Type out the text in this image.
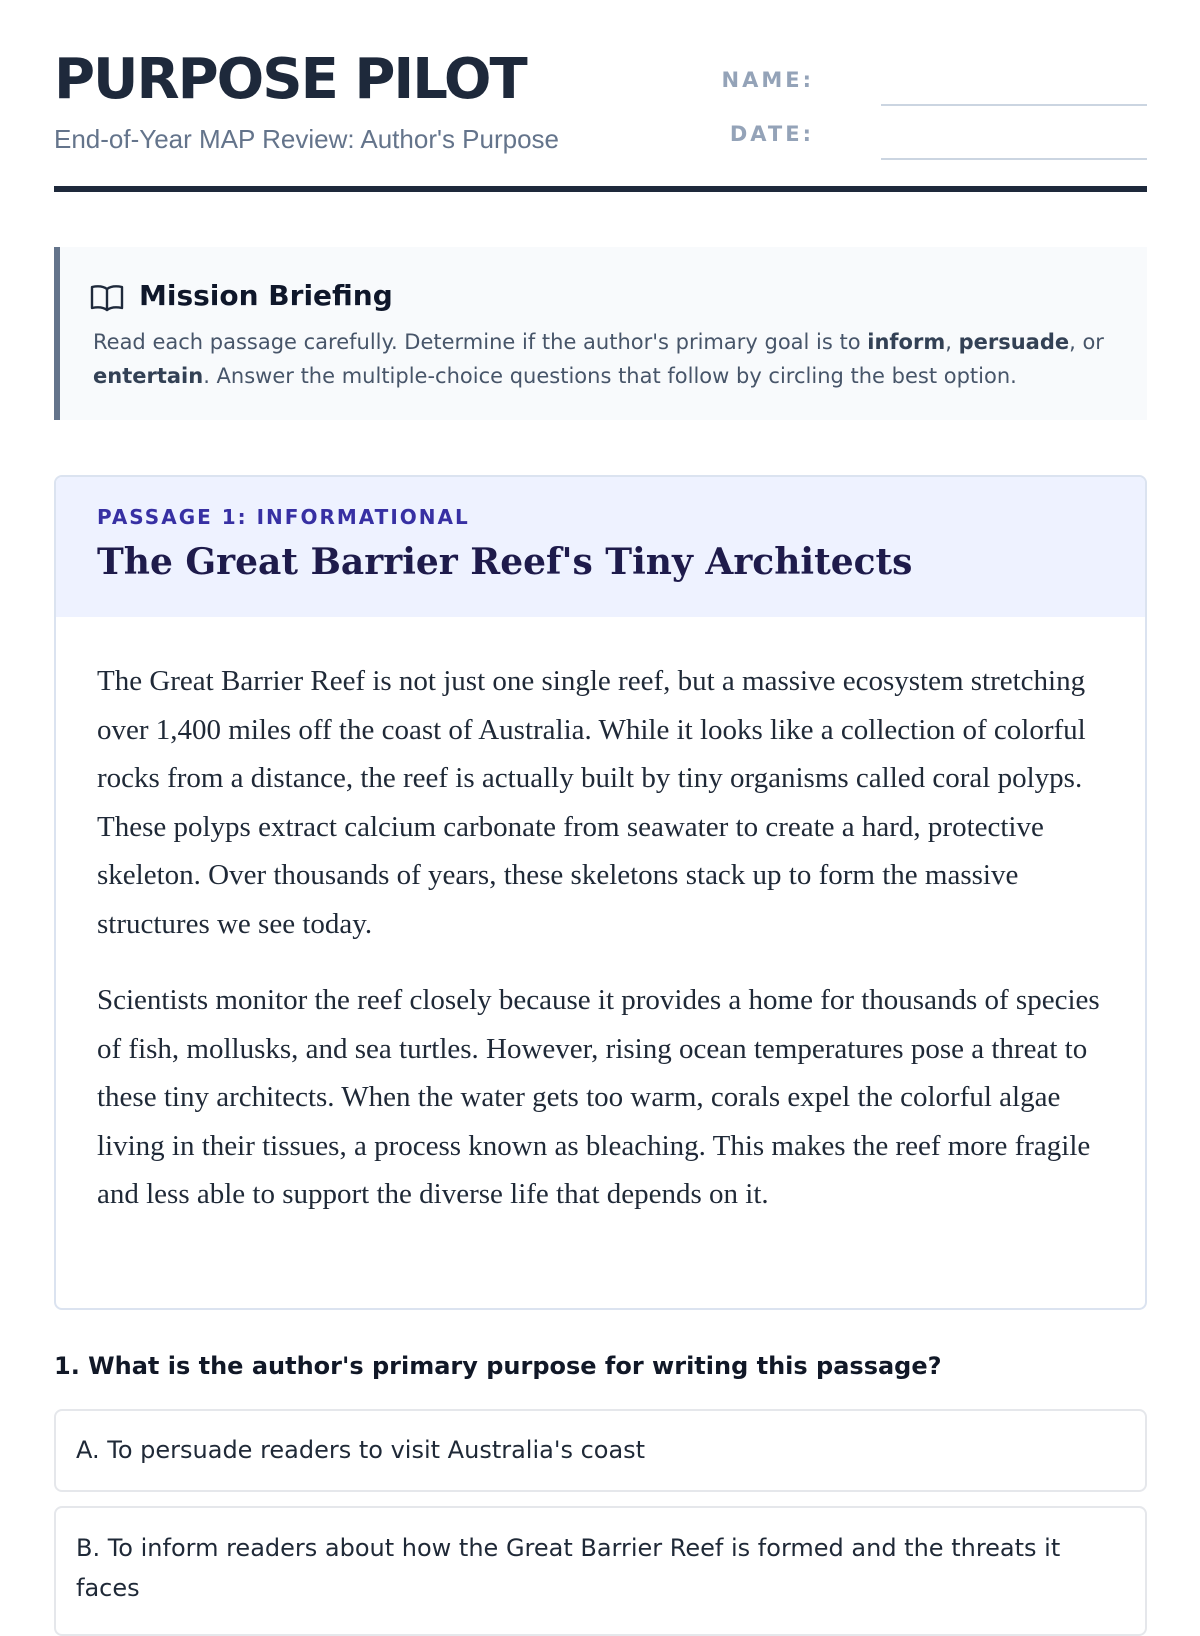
PURPOSE PILOT
End-of-Year MAP Review: Author's Purpose
NAME:
DATE:
Mission Briefing
Read each passage carefully. Determine if the author's primary goal is to inform, persuade, or entertain. Answer the multiple-choice questions that follow by circling the best option.
PASSAGE 1: INFORMATIONAL
The Great Barrier Reef's Tiny Architects

The Great Barrier Reef is not just one single reef, but a massive ecosystem stretching over 1,400 miles off the coast of Australia. While it looks like a collection of colorful rocks from a distance, the reef is actually built by tiny organisms called coral polyps. These polyps extract calcium carbonate from seawater to create a hard, protective skeleton. Over thousands of years, these skeletons stack up to form the massive structures we see today.

Scientists monitor the reef closely because it provides a home for thousands of species of fish, mollusks, and sea turtles. However, rising ocean temperatures pose a threat to these tiny architects. When the water gets too warm, corals expel the colorful algae living in their tissues, a process known as bleaching. This makes the reef more fragile and less able to support the diverse life that depends on it.

1. What is the author's primary purpose for writing this passage?
A. To persuade readers to visit Australia's coast
B. To inform readers about how the Great Barrier Reef is formed and the threats it faces
